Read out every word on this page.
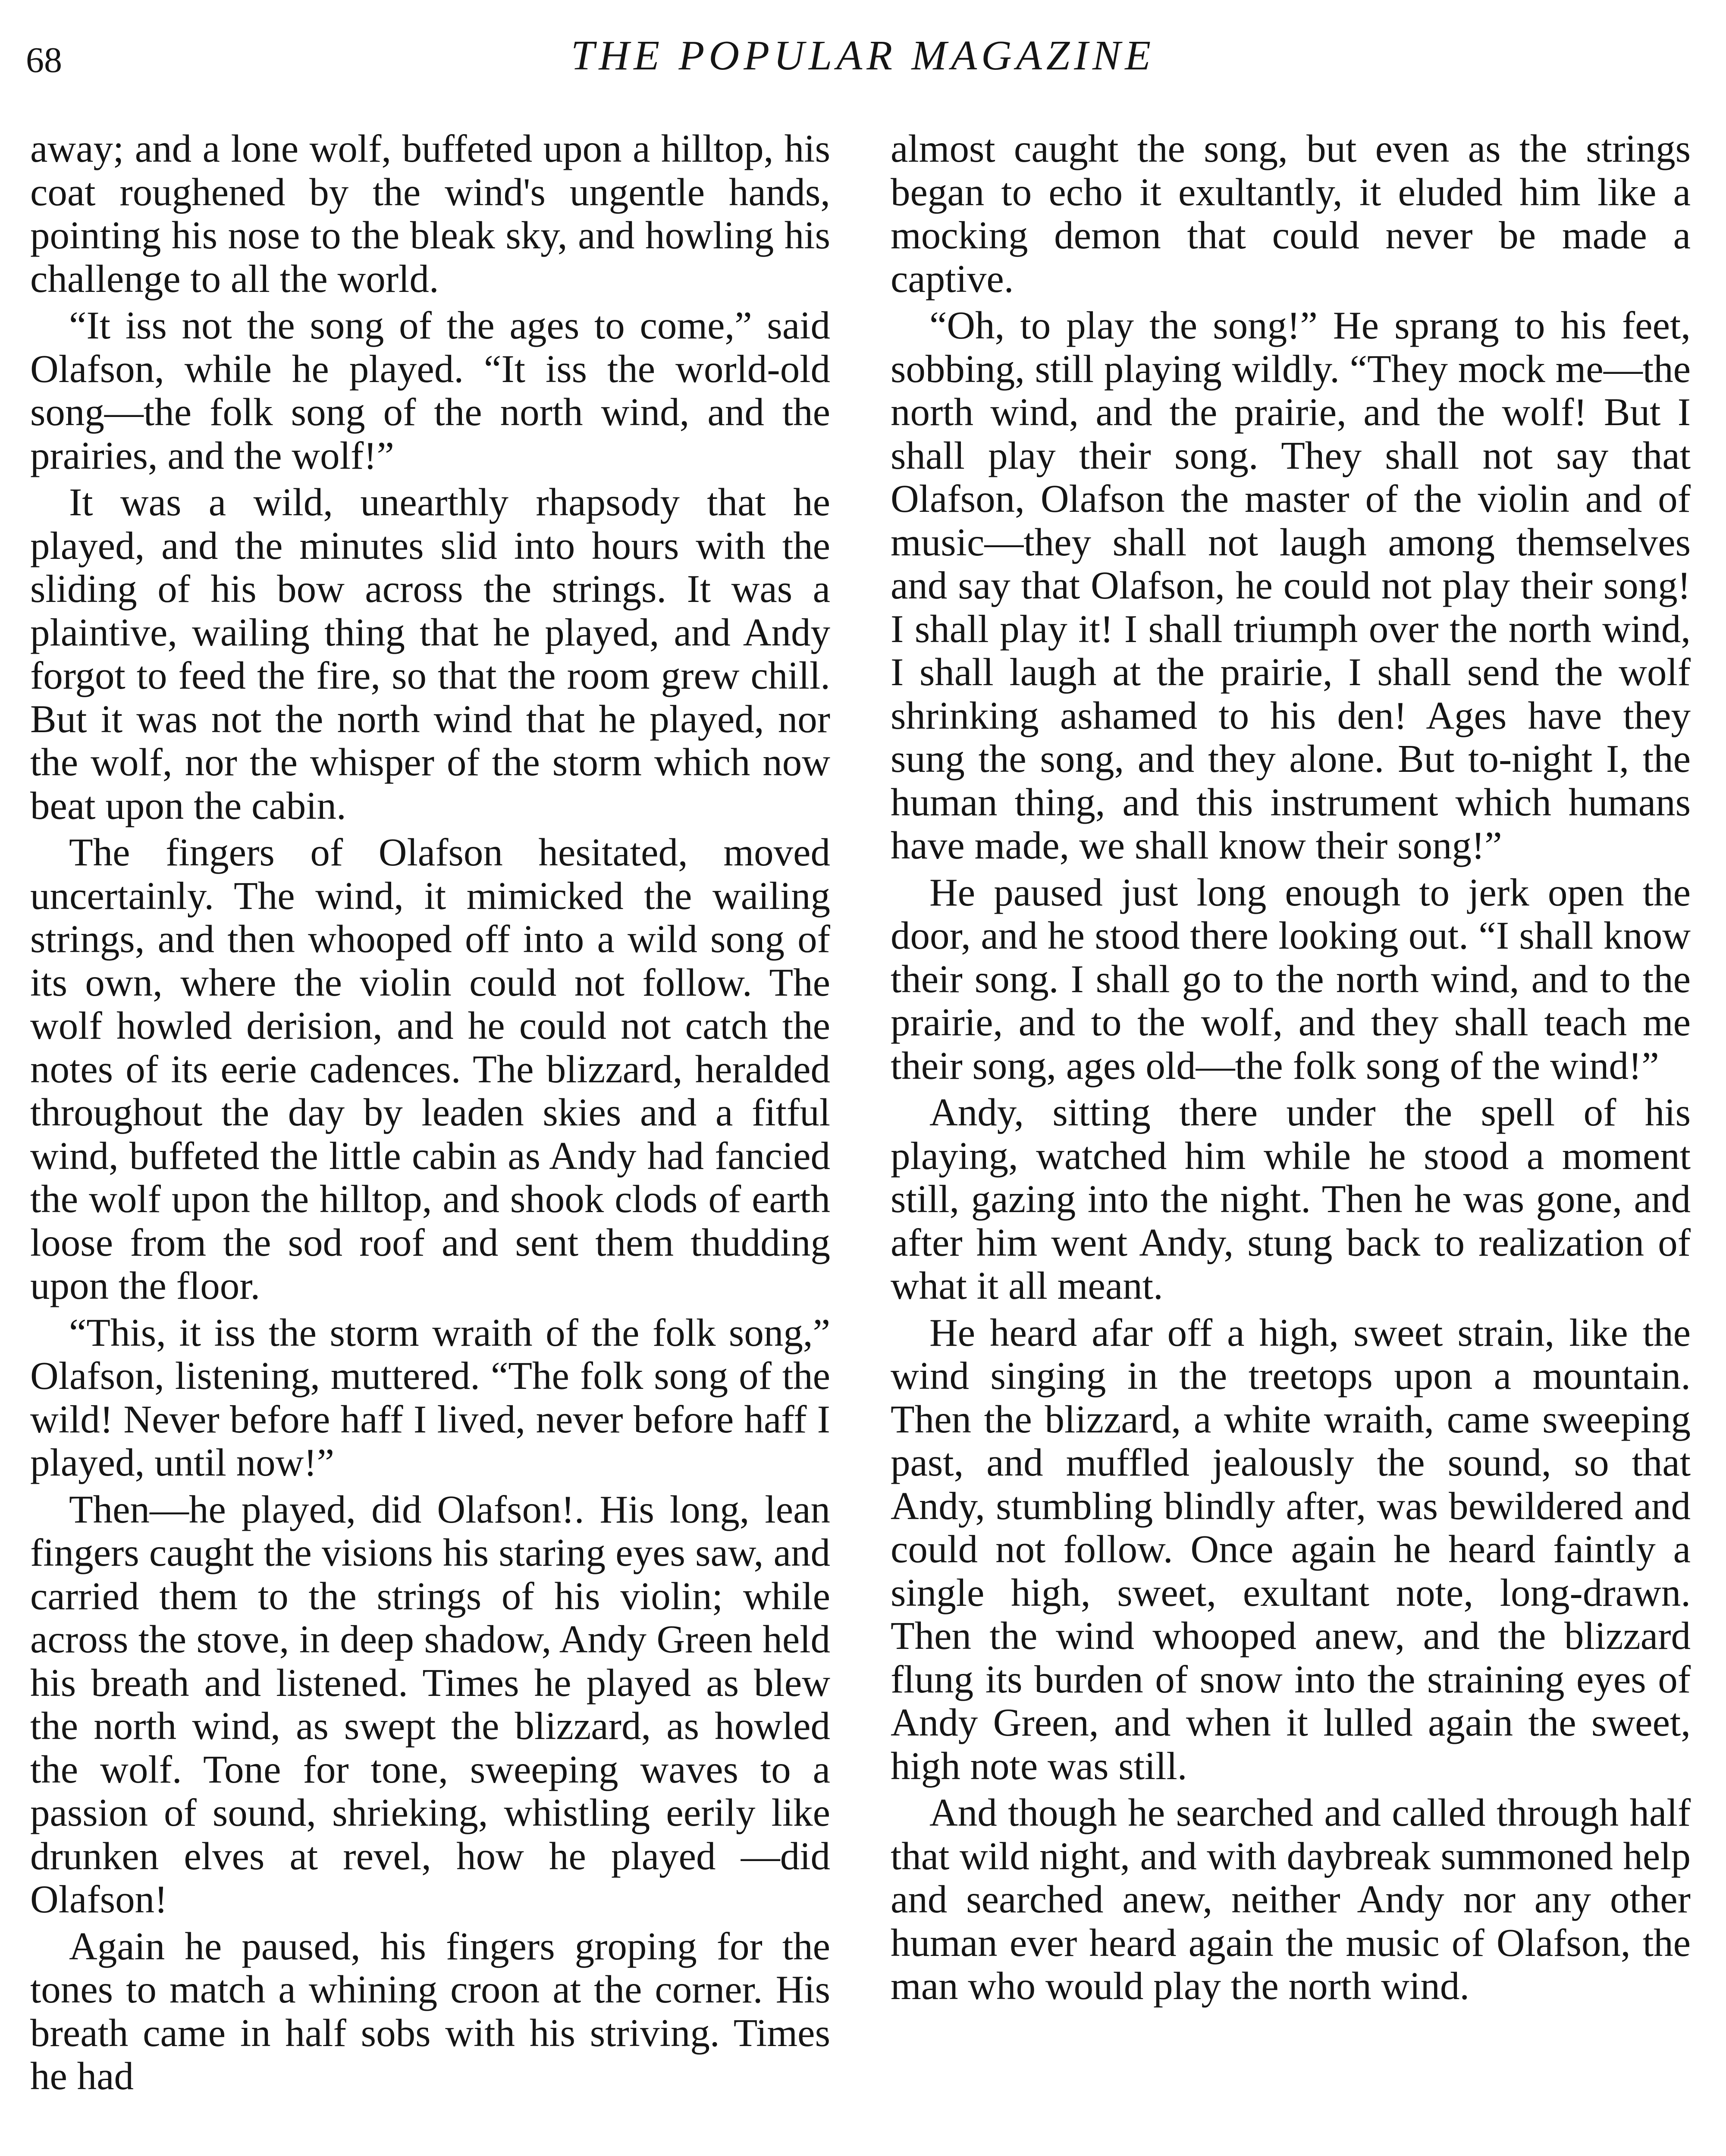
68	THE POPULAR MAGAZINE

away; and a lone wolf, buffeted upon a hilltop, his coat roughened by the wind's ungentle hands, pointing his nose to the bleak sky, and howling his challenge to all the world.

“It iss not the song of the ages to come,” said Olafson, while he played. “It iss the world-old song—the folk song of the north wind, and the prairies, and the wolf!”

It was a wild, unearthly rhapsody that he played, and the minutes slid into hours with the sliding of his bow across the strings. It was a plaintive, wailing thing that he played, and Andy forgot to feed the fire, so that the room grew chill. But it was not the north wind that he played, nor the wolf, nor the whisper of the storm which now beat upon the cabin.

The fingers of Olafson hesitated, moved uncertainly. The wind, it mimicked the wailing strings, and then whooped off into a wild song of its own, where the violin could not follow. The wolf howled derision, and he could not catch the notes of its eerie cadences. The blizzard, heralded throughout the day by leaden skies and a fitful wind, buffeted the little cabin as Andy had fancied the wolf upon the hilltop, and shook clods of earth loose from the sod roof and sent them thudding upon the floor.

“This, it iss the storm wraith of the folk song,” Olafson, listening, muttered. “The folk song of the wild! Never before haff I lived, never before haff I played, until now!”

Then—he played, did Olafson!. His long, lean fingers caught the visions his staring eyes saw, and carried them to the strings of his violin; while across the stove, in deep shadow, Andy Green held his breath and listened. Times he played as blew the north wind, as swept the blizzard, as howled the wolf. Tone for tone, sweeping waves to a passion of sound, shrieking, whistling eerily like drunken elves at revel, how he played —did Olafson!

Again he paused, his fingers groping for the tones to match a whining croon at the corner. His breath came in half sobs with his striving. Times he had

almost caught the song, but even as the strings began to echo it exultantly, it eluded him like a mocking demon that could never be made a captive.

“Oh, to play the song!” He sprang to his feet, sobbing, still playing wildly. “They mock me—the north wind, and the prairie, and the wolf! But I shall play their song. They shall not say that Olafson, Olafson the master of the violin and of music—they shall not laugh among themselves and say that Olafson, he could not play their song! I shall play it! I shall triumph over the north wind, I shall laugh at the prairie, I shall send the wolf shrinking ashamed to his den! Ages have they sung the song, and they alone. But to-night I, the human thing, and this instrument which humans have made, we shall know their song!”

He paused just long enough to jerk open the door, and he stood there looking out. “I shall know their song. I shall go to the north wind, and to the prairie, and to the wolf, and they shall teach me their song, ages old—the folk song of the wind!”

Andy, sitting there under the spell of his playing, watched him while he stood a moment still, gazing into the night. Then he was gone, and after him went Andy, stung back to realization of what it all meant.

He heard afar off a high, sweet strain, like the wind singing in the treetops upon a mountain. Then the blizzard, a white wraith, came sweeping past, and muffled jealously the sound, so that Andy, stumbling blindly after, was bewildered and could not follow. Once again he heard faintly a single high, sweet, exultant note, long-drawn. Then the wind whooped anew, and the blizzard flung its burden of snow into the straining eyes of Andy Green, and when it lulled again the sweet, high note was still.

And though he searched and called through half that wild night, and with daybreak summoned help and searched anew, neither Andy nor any other human ever heard again the music of Olafson, the man who would play the north wind.
